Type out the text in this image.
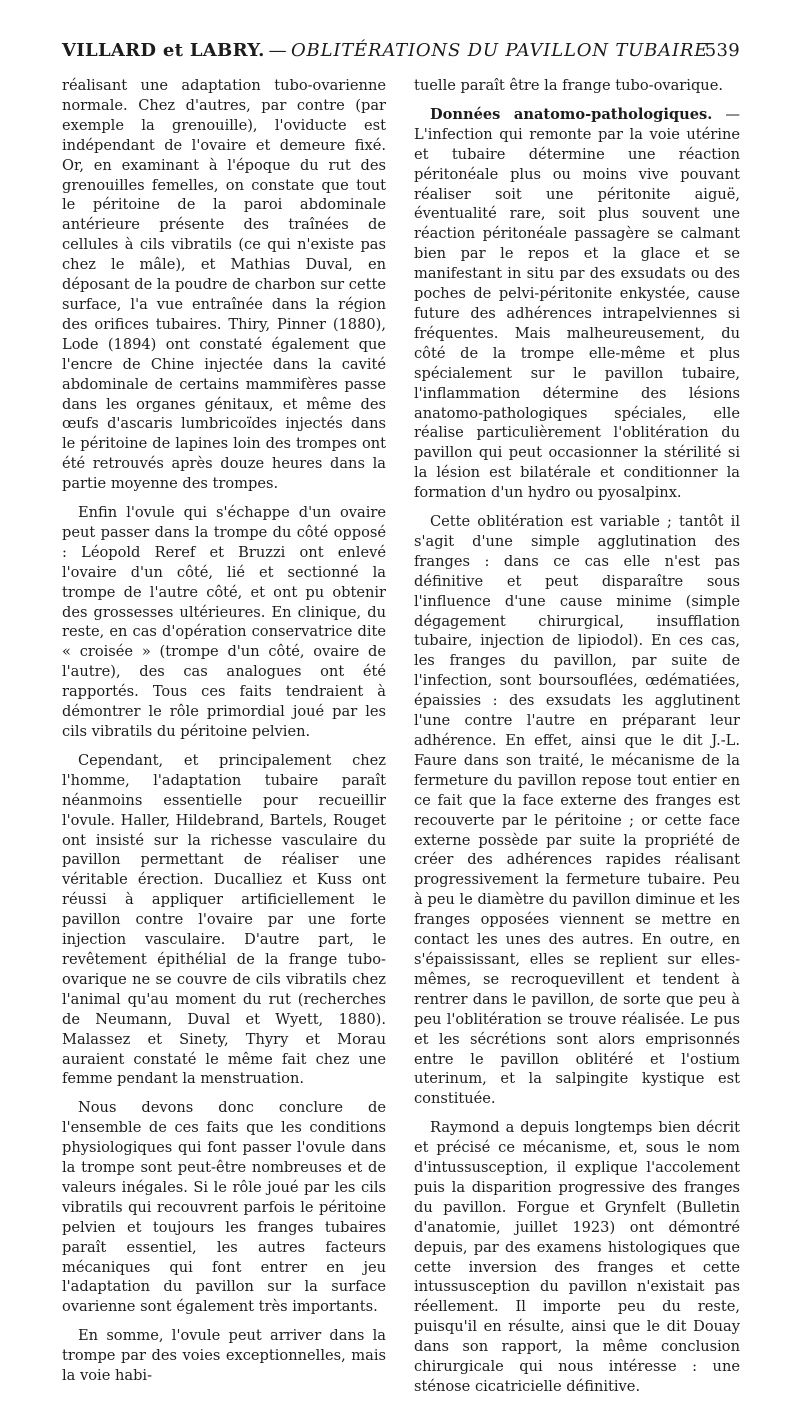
VILLARD et LABRY. — OBLITÉRATIONS DU PAVILLON TUBAIRE
539

réalisant une adaptation tubo-ovarienne normale. Chez d'autres, par contre (par exemple la grenouille), l'oviducte est indépendant de l'ovaire et demeure fixé. Or, en examinant à l'époque du rut des grenouilles femelles, on constate que tout le péritoine de la paroi abdominale antérieure présente des traînées de cellules à cils vibratils (ce qui n'existe pas chez le mâle), et Mathias Duval, en déposant de la poudre de charbon sur cette surface, l'a vue entraînée dans la région des orifices tubaires. Thiry, Pinner (1880), Lode (1894) ont constaté également que l'encre de Chine injectée dans la cavité abdominale de certains mammifères passe dans les organes génitaux, et même des œufs d'ascaris lumbricoïdes injectés dans le péritoine de lapines loin des trompes ont été retrouvés après douze heures dans la partie moyenne des trompes.

Enfin l'ovule qui s'échappe d'un ovaire peut passer dans la trompe du côté opposé : Léopold Reref et Bruzzi ont enlevé l'ovaire d'un côté, lié et sectionné la trompe de l'autre côté, et ont pu obtenir des grossesses ultérieures. En clinique, du reste, en cas d'opération conservatrice dite « croisée » (trompe d'un côté, ovaire de l'autre), des cas analogues ont été rapportés. Tous ces faits tendraient à démontrer le rôle primordial joué par les cils vibratils du péritoine pelvien.

Cependant, et principalement chez l'homme, l'adaptation tubaire paraît néanmoins essentielle pour recueillir l'ovule. Haller, Hildebrand, Bartels, Rouget ont insisté sur la richesse vasculaire du pavillon permettant de réaliser une véritable érection. Ducalliez et Kuss ont réussi à appliquer artificiellement le pavillon contre l'ovaire par une forte injection vasculaire. D'autre part, le revêtement épithélial de la frange tubo-ovarique ne se couvre de cils vibratils chez l'animal qu'au moment du rut (recherches de Neumann, Duval et Wyett, 1880). Malassez et Sinety, Thyry et Morau auraient constaté le même fait chez une femme pendant la menstruation.

Nous devons donc conclure de l'ensemble de ces faits que les conditions physiologiques qui font passer l'ovule dans la trompe sont peut-être nombreuses et de valeurs inégales. Si le rôle joué par les cils vibratils qui recouvrent parfois le péritoine pelvien et toujours les franges tubaires paraît essentiel, les autres facteurs mécaniques qui font entrer en jeu l'adaptation du pavillon sur la surface ovarienne sont également très importants.

En somme, l'ovule peut arriver dans la trompe par des voies exceptionnelles, mais la voie habi-

tuelle paraît être la frange tubo-ovarique.

Données anatomo-pathologiques. — L'infection qui remonte par la voie utérine et tubaire détermine une réaction péritonéale plus ou moins vive pouvant réaliser soit une péritonite aiguë, éventualité rare, soit plus souvent une réaction péritonéale passagère se calmant bien par le repos et la glace et se manifestant in situ par des exsudats ou des poches de pelvi-péritonite enkystée, cause future des adhérences intrapelviennes si fréquentes. Mais malheureusement, du côté de la trompe elle-même et plus spécialement sur le pavillon tubaire, l'inflammation détermine des lésions anatomo-pathologiques spéciales, elle réalise particulièrement l'oblitération du pavillon qui peut occasionner la stérilité si la lésion est bilatérale et conditionner la formation d'un hydro ou pyosalpinx.

Cette oblitération est variable ; tantôt il s'agit d'une simple agglutination des franges : dans ce cas elle n'est pas définitive et peut disparaître sous l'influence d'une cause minime (simple dégagement chirurgical, insufflation tubaire, injection de lipiodol). En ces cas, les franges du pavillon, par suite de l'infection, sont boursouflées, œdématiées, épaissies : des exsudats les agglutinent l'une contre l'autre en préparant leur adhérence. En effet, ainsi que le dit J.-L. Faure dans son traité, le mécanisme de la fermeture du pavillon repose tout entier en ce fait que la face externe des franges est recouverte par le péritoine ; or cette face externe possède par suite la propriété de créer des adhérences rapides réalisant progressivement la fermeture tubaire. Peu à peu le diamètre du pavillon diminue et les franges opposées viennent se mettre en contact les unes des autres. En outre, en s'épaississant, elles se replient sur elles-mêmes, se recroquevillent et tendent à rentrer dans le pavillon, de sorte que peu à peu l'oblitération se trouve réalisée. Le pus et les sécrétions sont alors emprisonnés entre le pavillon oblitéré et l'ostium uterinum, et la salpingite kystique est constituée.

Raymond a depuis longtemps bien décrit et précisé ce mécanisme, et, sous le nom d'intussusception, il explique l'accolement puis la disparition progressive des franges du pavillon. Forgue et Grynfelt (Bulletin d'anatomie, juillet 1923) ont démontré depuis, par des examens histologiques que cette inversion des franges et cette intussusception du pavillon n'existait pas réellement. Il importe peu du reste, puisqu'il en résulte, ainsi que le dit Douay dans son rapport, la même conclusion chirurgicale qui nous intéresse : une sténose cicatricielle définitive.
